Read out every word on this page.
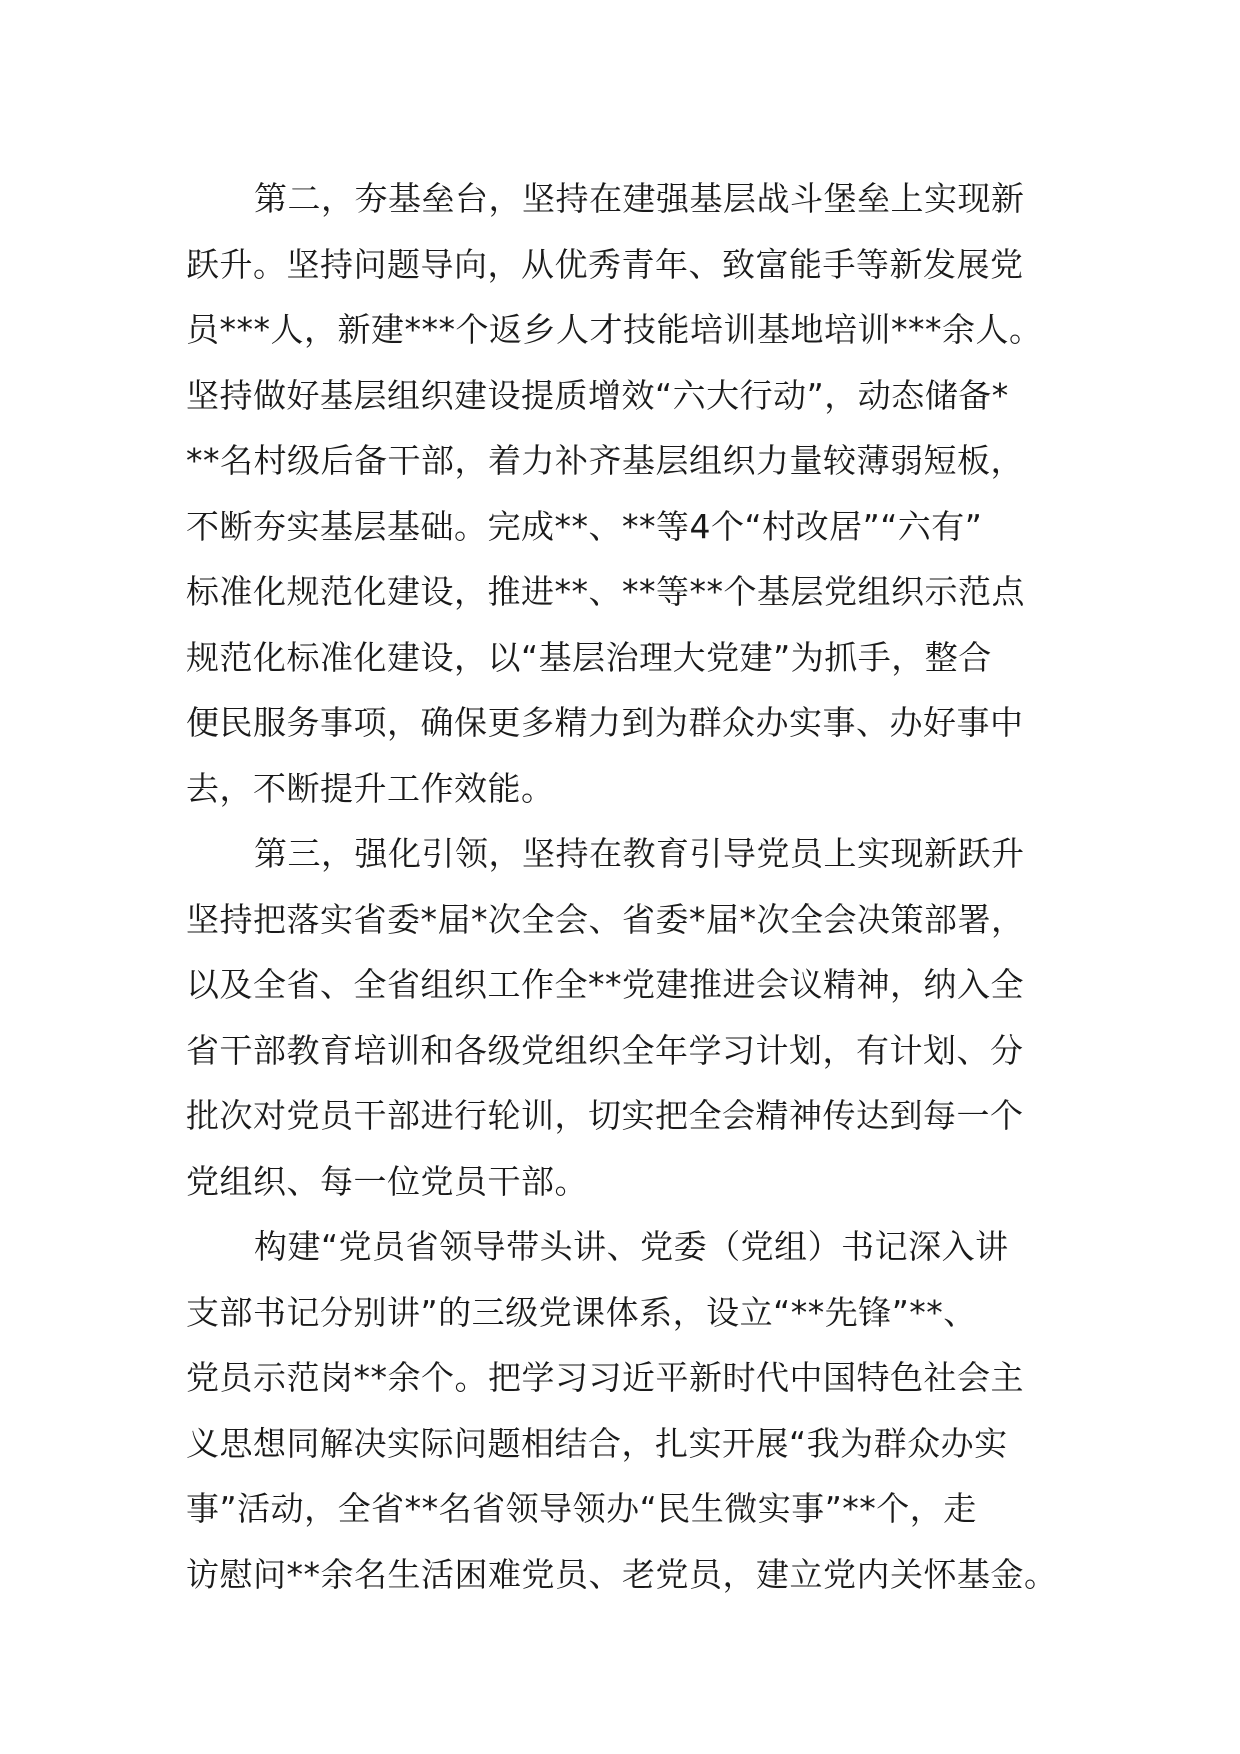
第二，夯基垒台，坚持在建强基层战斗堡垒上实现新
跃升。坚持问题导向，从优秀青年、致富能手等新发展党
员***人，新建***个返乡人才技能培训基地培训***余人。
坚持做好基层组织建设提质增效“六大行动”，动态储备*
**名村级后备干部，着力补齐基层组织力量较薄弱短板，
不断夯实基层基础。完成**、**等4个“村改居”“六有”
标准化规范化建设，推进**、**等**个基层党组织示范点
规范化标准化建设，以“基层治理大党建”为抓手，整合
便民服务事项，确保更多精力到为群众办实事、办好事中
去，不断提升工作效能。

第三，强化引领，坚持在教育引导党员上实现新跃升
坚持把落实省委*届*次全会、省委*届*次全会决策部署，
以及全省、全省组织工作全**党建推进会议精神，纳入全
省干部教育培训和各级党组织全年学习计划，有计划、分
批次对党员干部进行轮训，切实把全会精神传达到每一个
党组织、每一位党员干部。

构建“党员省领导带头讲、党委（党组）书记深入讲
支部书记分别讲”的三级党课体系，设立“**先锋”**、
党员示范岗**余个。把学习习近平新时代中国特色社会主
义思想同解决实际问题相结合，扎实开展“我为群众办实
事”活动，全省**名省领导领办“民生微实事”**个，走
访慰问**余名生活困难党员、老党员，建立党内关怀基金。
